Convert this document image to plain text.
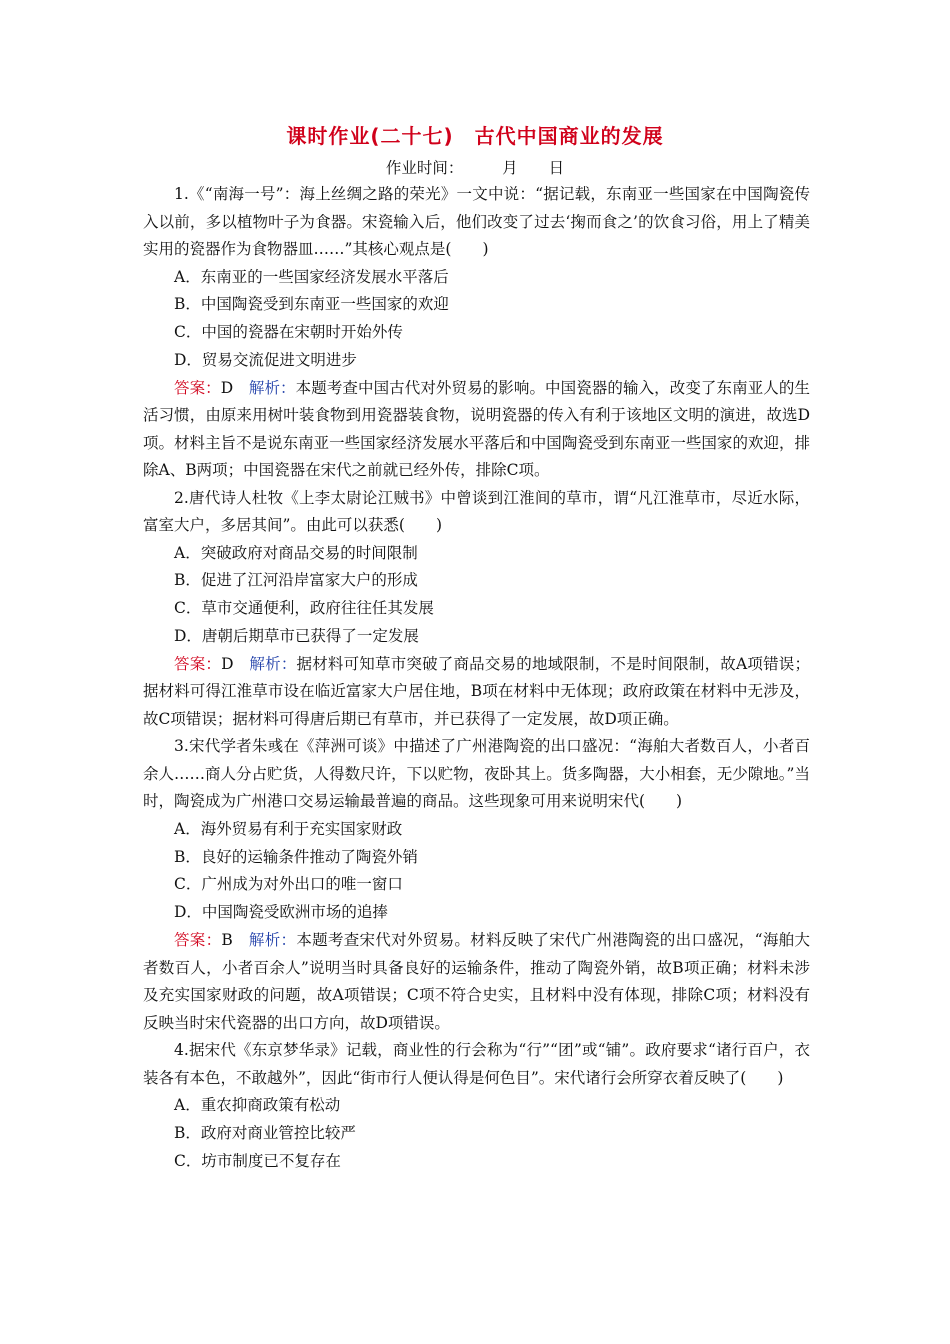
课时作业(二十七)　古代中国商业的发展
作业时间：　　　月　　日

1.《“南海一号”：海上丝绸之路的荣光》一文中说：“据记载，东南亚一些国家在中国陶瓷传入以前，多以植物叶子为食器。宋瓷输入后，他们改变了过去‘掬而食之’的饮食习俗，用上了精美实用的瓷器作为食物器皿……”其核心观点是(　　)

A．东南亚的一些国家经济发展水平落后

B．中国陶瓷受到东南亚一些国家的欢迎

C．中国的瓷器在宋朝时开始外传

D．贸易交流促进文明进步

答案：D　解析：本题考查中国古代对外贸易的影响。中国瓷器的输入，改变了东南亚人的生活习惯，由原来用树叶装食物到用瓷器装食物，说明瓷器的传入有利于该地区文明的演进，故选D项。材料主旨不是说东南亚一些国家经济发展水平落后和中国陶瓷受到东南亚一些国家的欢迎，排除A、B两项；中国瓷器在宋代之前就已经外传，排除C项。

2.唐代诗人杜牧《上李太尉论江贼书》中曾谈到江淮间的草市，谓“凡江淮草市，尽近水际，富室大户，多居其间”。由此可以获悉(　　)

A．突破政府对商品交易的时间限制

B．促进了江河沿岸富家大户的形成

C．草市交通便利，政府往往任其发展

D．唐朝后期草市已获得了一定发展

答案：D　解析：据材料可知草市突破了商品交易的地域限制，不是时间限制，故A项错误；据材料可得江淮草市设在临近富家大户居住地，B项在材料中无体现；政府政策在材料中无涉及，故C项错误；据材料可得唐后期已有草市，并已获得了一定发展，故D项正确。

3.宋代学者朱彧在《萍洲可谈》中描述了广州港陶瓷的出口盛况：“海舶大者数百人，小者百余人……商人分占贮货，人得数尺许，下以贮物，夜卧其上。货多陶器，大小相套，无少隙地。”当时，陶瓷成为广州港口交易运输最普遍的商品。这些现象可用来说明宋代(　　)

A．海外贸易有利于充实国家财政

B．良好的运输条件推动了陶瓷外销

C．广州成为对外出口的唯一窗口

D．中国陶瓷受欧洲市场的追捧

答案：B　解析：本题考查宋代对外贸易。材料反映了宋代广州港陶瓷的出口盛况，“海舶大者数百人，小者百余人”说明当时具备良好的运输条件，推动了陶瓷外销，故B项正确；材料未涉及充实国家财政的问题，故A项错误；C项不符合史实，且材料中没有体现，排除C项；材料没有反映当时宋代瓷器的出口方向，故D项错误。

4.据宋代《东京梦华录》记载，商业性的行会称为“行”“团”或“铺”。政府要求“诸行百户，衣装各有本色，不敢越外”，因此“街市行人便认得是何色目”。宋代诸行会所穿衣着反映了(　　)

A．重农抑商政策有松动

B．政府对商业管控比较严

C．坊市制度已不复存在
